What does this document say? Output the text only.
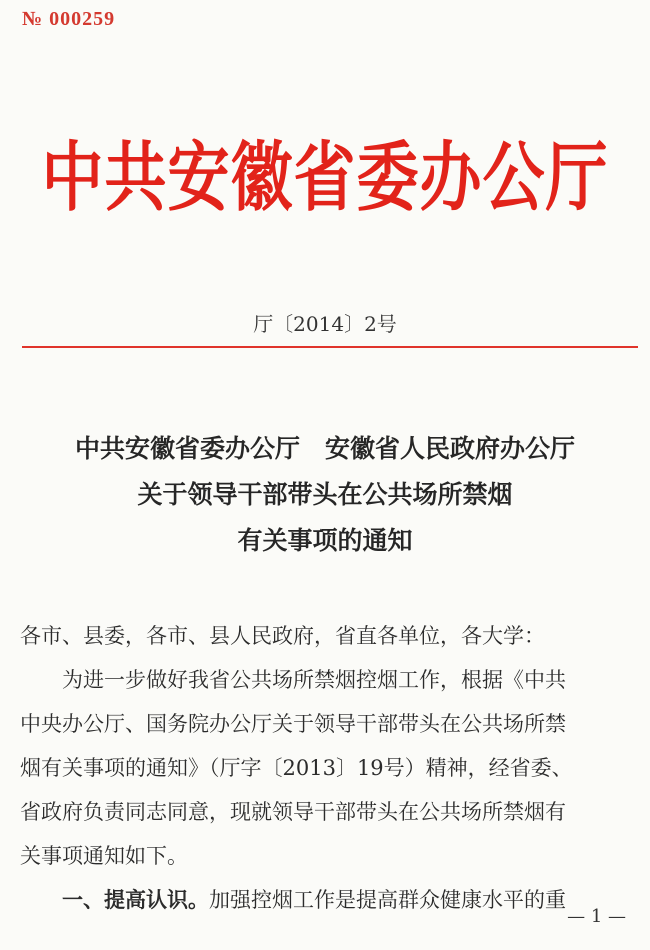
№ 000259
中共安徽省委办公厅
厅〔2014〕2号
中共安徽省委办公厅　安徽省人民政府办公厅
关于领导干部带头在公共场所禁烟
有关事项的通知
各市、县委，各市、县人民政府，省直各单位，各大学：
为进一步做好我省公共场所禁烟控烟工作，根据《中共
中央办公厅、国务院办公厅关于领导干部带头在公共场所禁
烟有关事项的通知》（厅字〔2013〕19号）精神，经省委、
省政府负责同志同意，现就领导干部带头在公共场所禁烟有
关事项通知如下。
一、提高认识。加强控烟工作是提高群众健康水平的重
— 1 —
